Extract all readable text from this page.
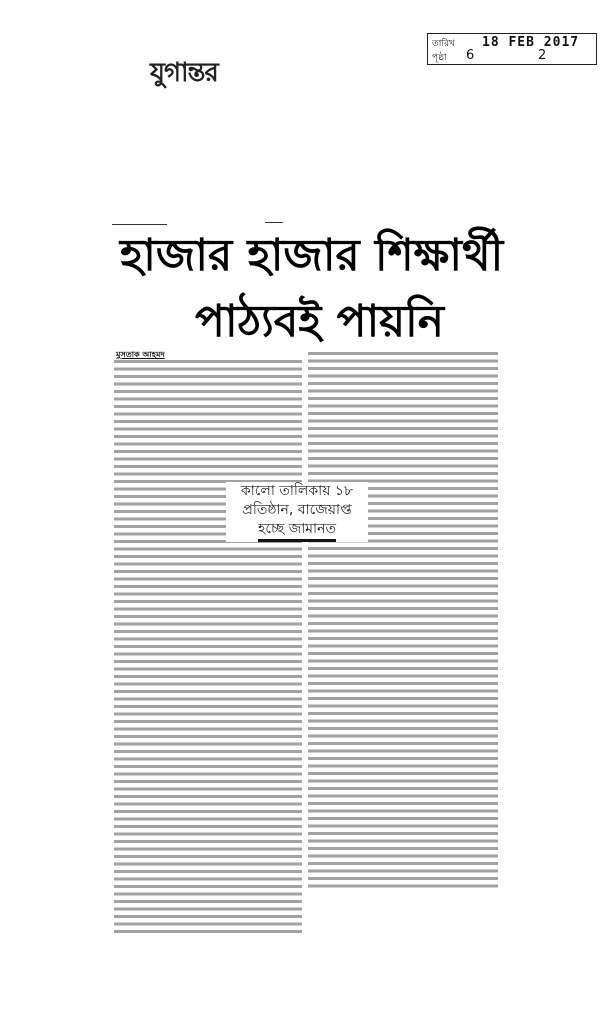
যুগান্তর
তারিখ 18 FEB 2017
পৃষ্ঠা 6	2
হাজার হাজার শিক্ষার্থী
পাঠ্যবই পায়নি
মুসতাক আহমদ
কালো তালিকায় ১৮
প্রতিষ্ঠান, বাজেয়াপ্ত
হচ্ছে জামানত
